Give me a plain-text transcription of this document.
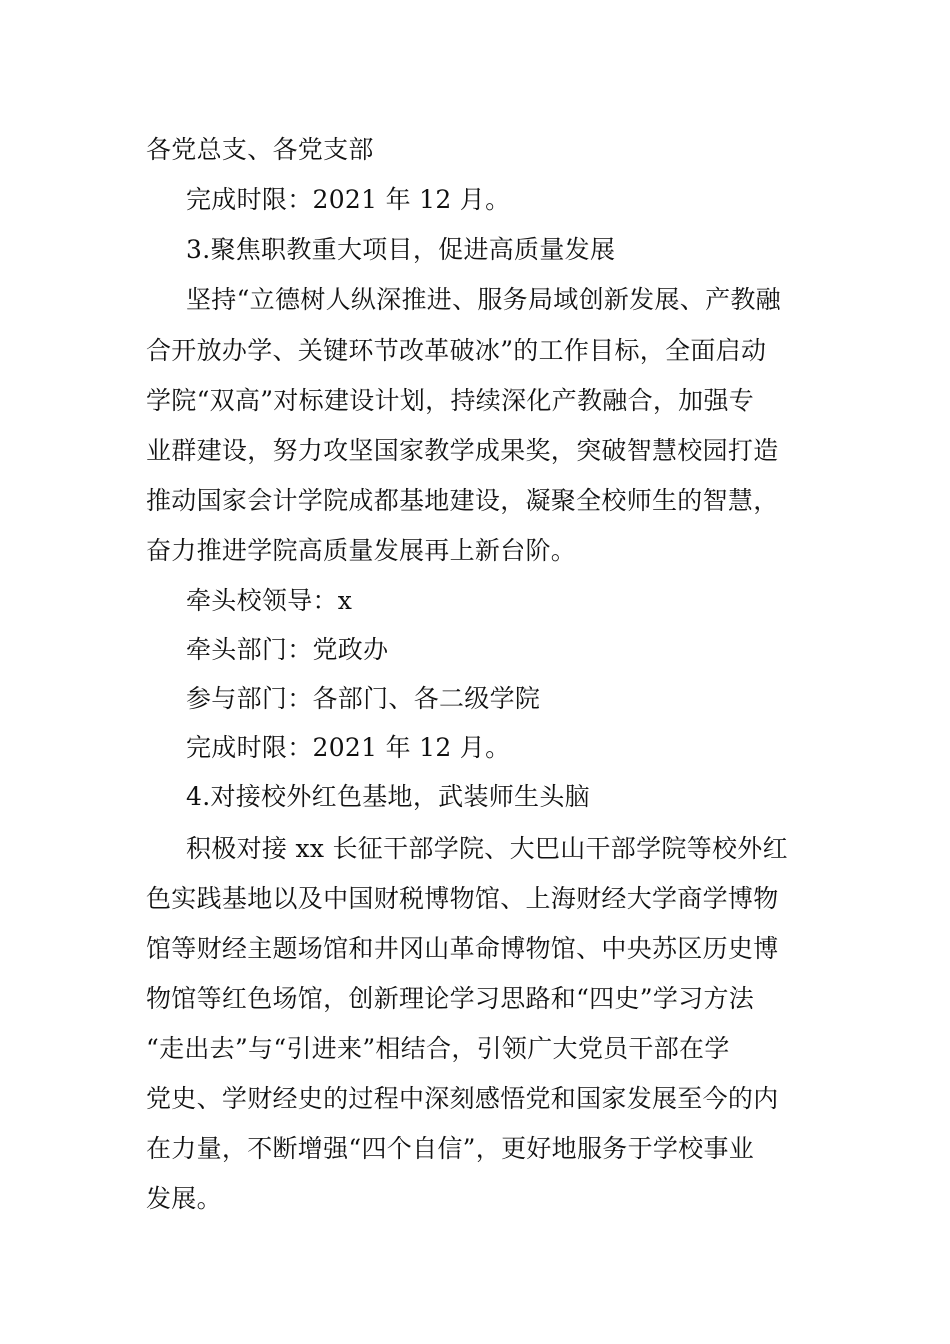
各党总支、各党支部
完成时限：2021 年 12 月。
3.聚焦职教重大项目，促进高质量发展
坚持“立德树人纵深推进、服务局域创新发展、产教融
合开放办学、关键环节改革破冰”的工作目标，全面启动
学院“双高”对标建设计划，持续深化产教融合，加强专
业群建设，努力攻坚国家教学成果奖，突破智慧校园打造
推动国家会计学院成都基地建设，凝聚全校师生的智慧，
奋力推进学院高质量发展再上新台阶。
牵头校领导：x
牵头部门：党政办
参与部门：各部门、各二级学院
完成时限：2021 年 12 月。
4.对接校外红色基地，武装师生头脑
积极对接 xx 长征干部学院、大巴山干部学院等校外红
色实践基地以及中国财税博物馆、上海财经大学商学博物
馆等财经主题场馆和井冈山革命博物馆、中央苏区历史博
物馆等红色场馆，创新理论学习思路和“四史”学习方法
“走出去”与“引进来”相结合，引领广大党员干部在学
党史、学财经史的过程中深刻感悟党和国家发展至今的内
在力量，不断增强“四个自信”，更好地服务于学校事业
发展。
